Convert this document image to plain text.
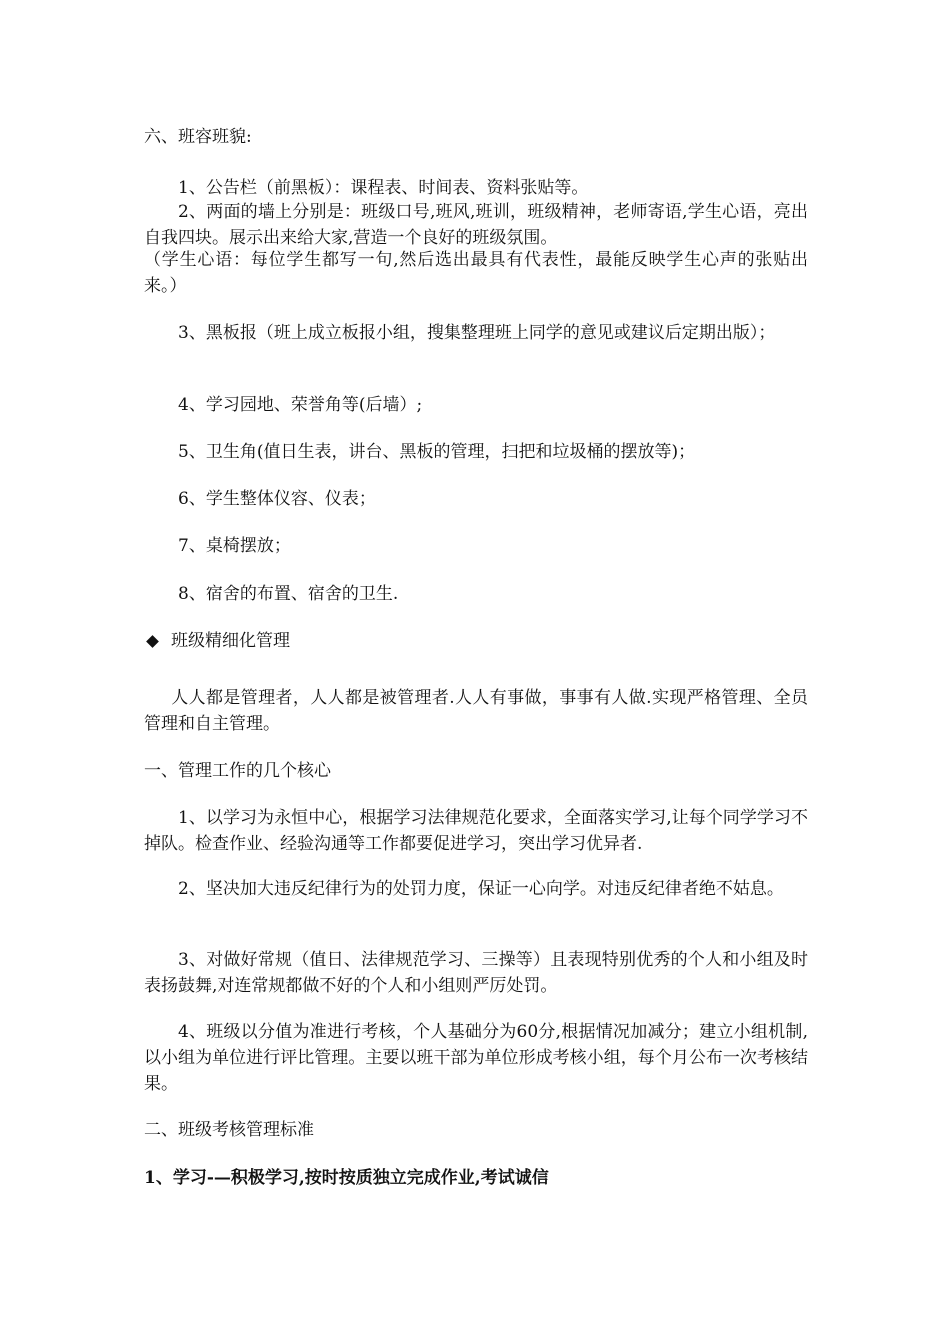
六、班容班貌:

1、公告栏（前黑板）：课程表、时间表、资料张贴等。

2、两面的墙上分别是：班级口号,班风,班训，班级精神，老师寄语,学生心语，亮出自我四块。展示出来给大家,营造一个良好的班级氛围。

（学生心语：每位学生都写一句,然后选出最具有代表性，最能反映学生心声的张贴出来。）

3、黑板报（班上成立板报小组，搜集整理班上同学的意见或建议后定期出版）；

4、学习园地、荣誉角等(后墙）;

5、卫生角(值日生表，讲台、黑板的管理，扫把和垃圾桶的摆放等)；

6、学生整体仪容、仪表；

7、桌椅摆放；

8、宿舍的布置、宿舍的卫生.

班级精细化管理

人人都是管理者，人人都是被管理者.人人有事做，事事有人做.实现严格管理、全员管理和自主管理。

一、管理工作的几个核心

1、以学习为永恒中心，根据学习法律规范化要求，全面落实学习,让每个同学学习不掉队。检查作业、经验沟通等工作都要促进学习，突出学习优异者.

2、坚决加大违反纪律行为的处罚力度，保证一心向学。对违反纪律者绝不姑息。

3、对做好常规（值日、法律规范学习、三操等）且表现特别优秀的个人和小组及时表扬鼓舞,对连常规都做不好的个人和小组则严厉处罚。

4、班级以分值为准进行考核，个人基础分为60分,根据情况加减分；建立小组机制,以小组为单位进行评比管理。主要以班干部为单位形成考核小组，每个月公布一次考核结果。

二、班级考核管理标准

1、学习-—积极学习,按时按质独立完成作业,考试诚信
